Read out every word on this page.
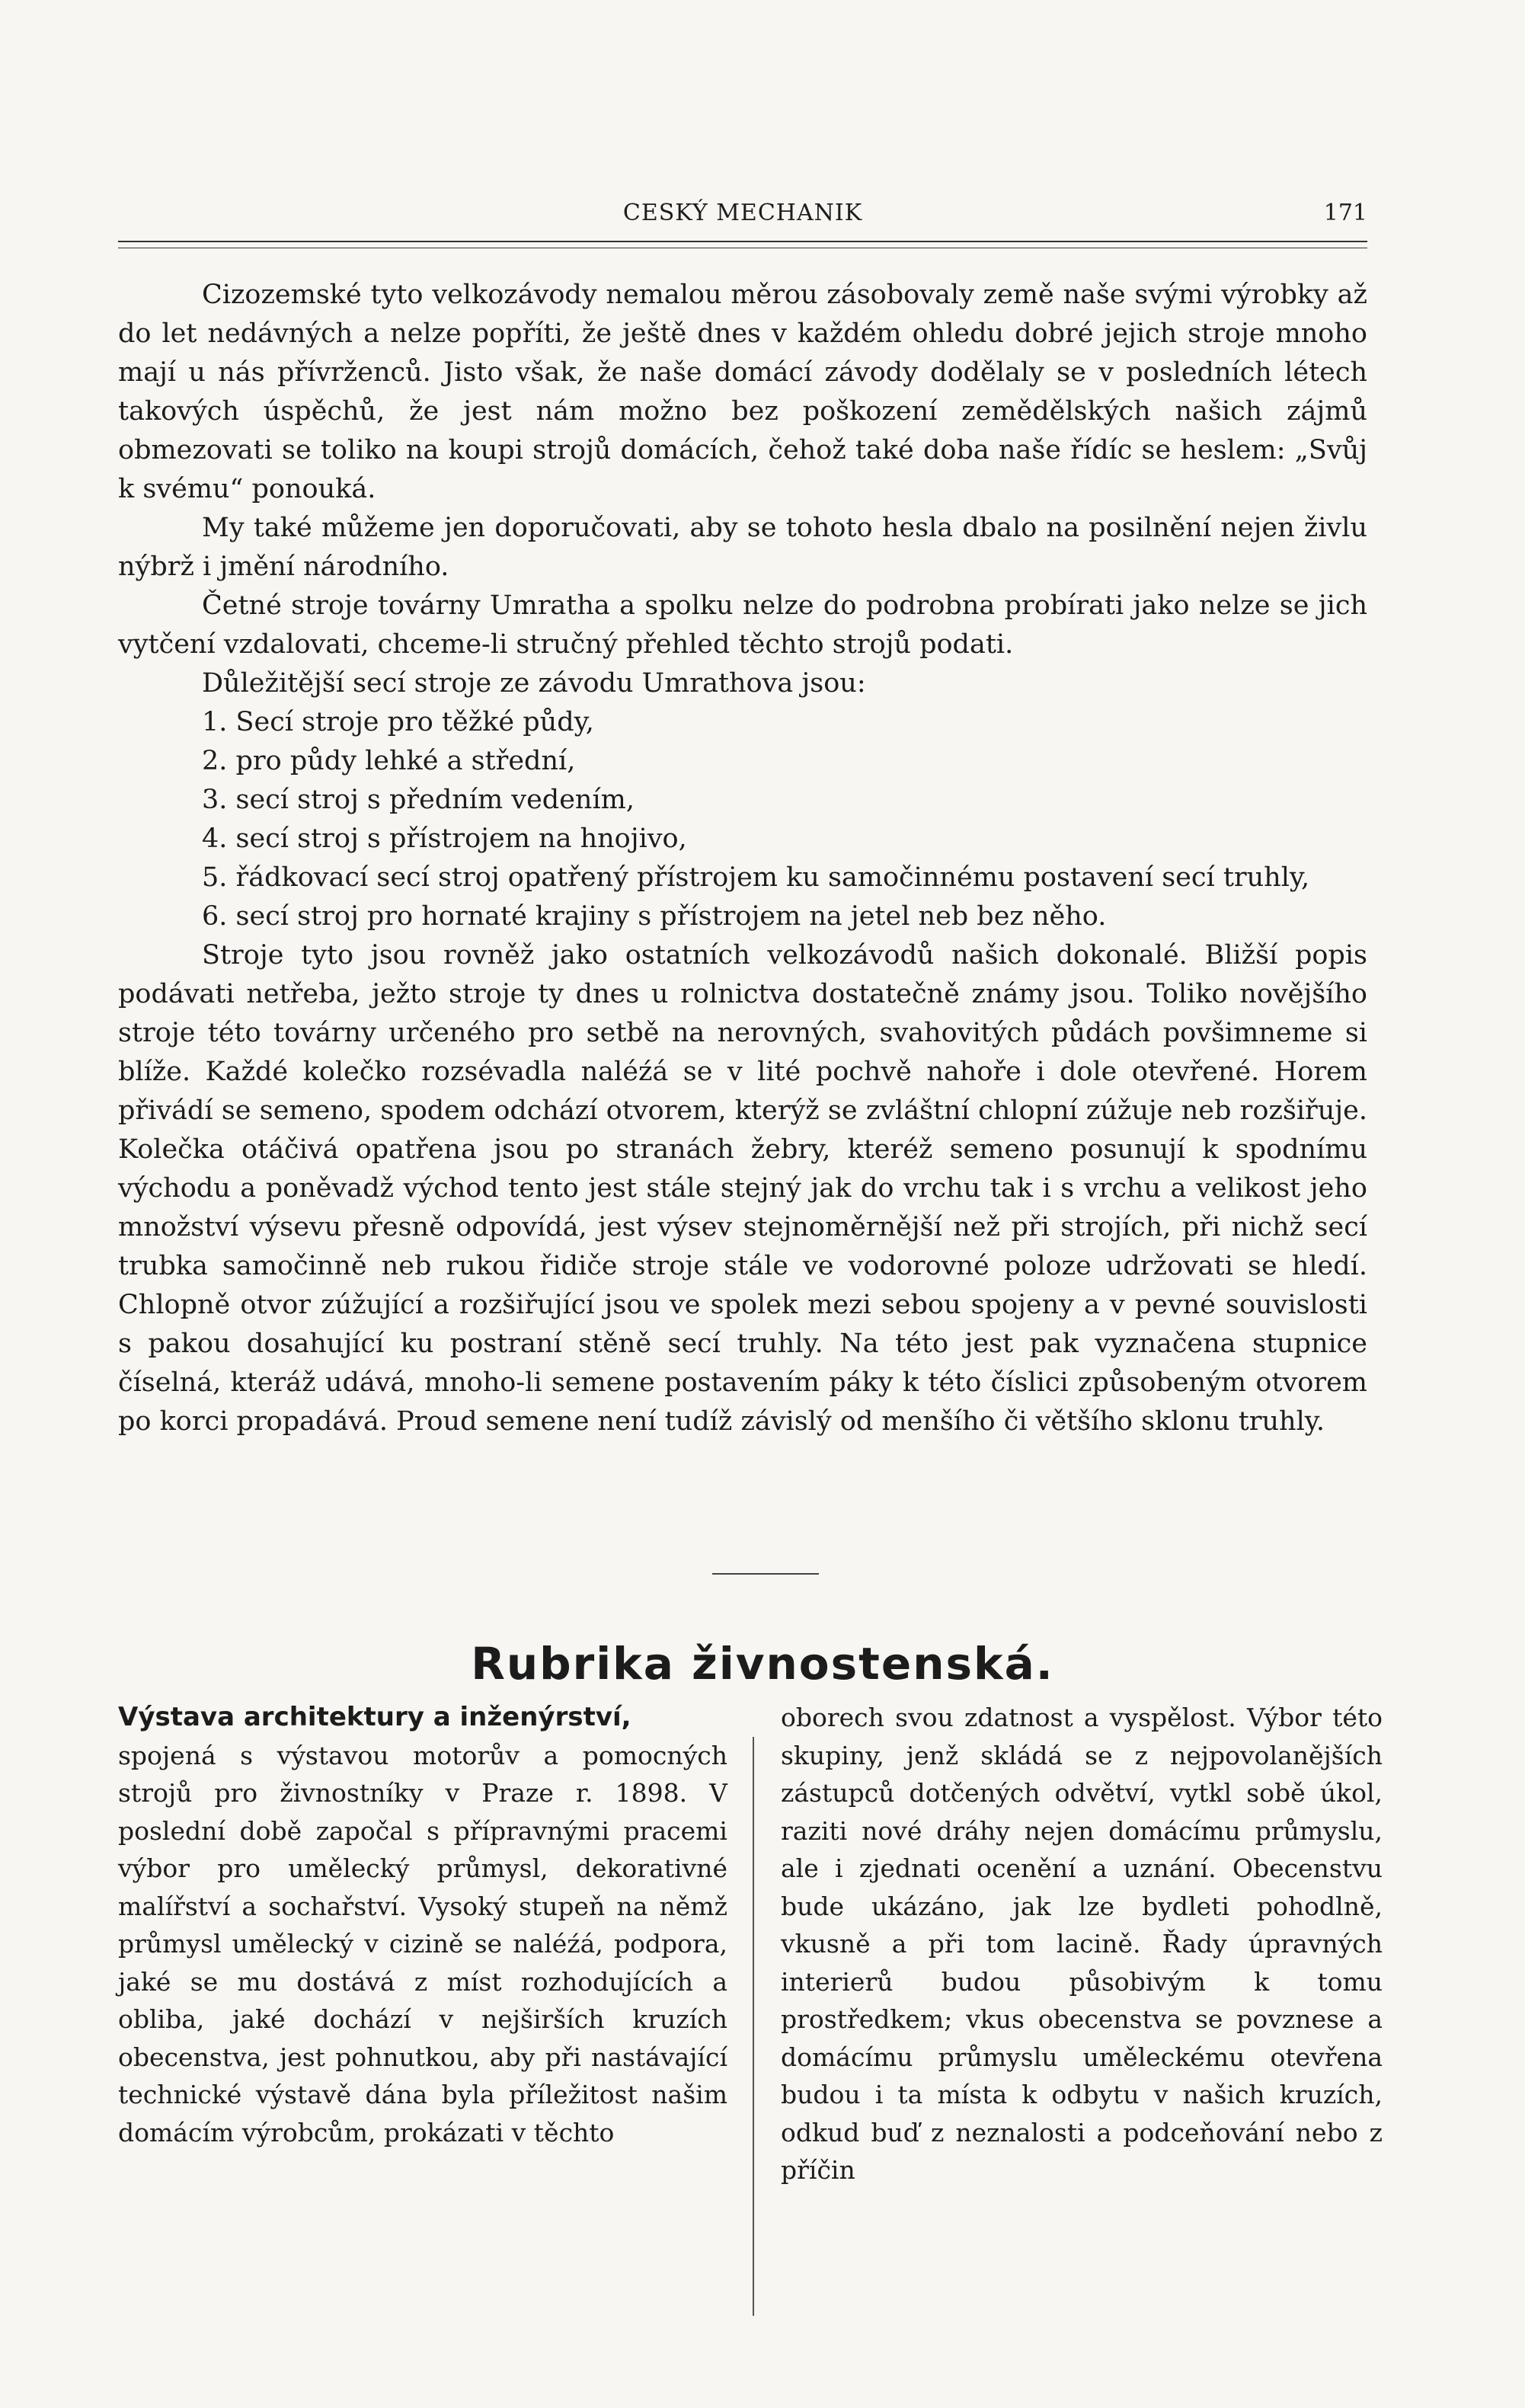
CESKÝ MECHANIK	171

Cizozemské tyto velkozávody nemalou měrou zásobovaly země naše svými výrobky až do let nedávných a nelze popříti, že ještě dnes v každém ohledu dobré jejich stroje mnoho mají u nás přívrženců. Jisto však, že naše domácí závody dodělaly se v posledních létech takových úspěchů, že jest nám možno bez poškození zemědělských našich zájmů obmezovati se toliko na koupi strojů domácích, čehož také doba naše řídíc se heslem: „Svůj k svému“ ponouká.

My také můžeme jen doporučovati, aby se tohoto hesla dbalo na posilnění nejen živlu nýbrž i jmění národního.

Četné stroje továrny Umratha a spolku nelze do podrobna probírati jako nelze se jich vytčení vzdalovati, chceme-li stručný přehled těchto strojů podati.

Důležitější secí stroje ze závodu Umrathova jsou:

1. Secí stroje pro těžké půdy,

2. pro půdy lehké a střední,

3. secí stroj s předním vedením,

4. secí stroj s přístrojem na hnojivo,

5. řádkovací secí stroj opatřený přístrojem ku samočinnému postavení secí truhly,

6. secí stroj pro hornaté krajiny s přístrojem na jetel neb bez něho.

Stroje tyto jsou rovněž jako ostatních velkozávodů našich dokonalé. Bližší popis podávati netřeba, ježto stroje ty dnes u rolnictva dostatečně známy jsou. Toliko novějšího stroje této továrny určeného pro setbě na nerovných, svahovitých půdách povšimneme si blíže. Každé kolečko rozsévadla naléźá se v lité pochvě nahoře i dole otevřené. Horem přivádí se semeno, spodem odchází otvorem, kterýž se zvláštní chlopní zúžuje neb rozšiřuje. Kolečka otáčivá opatřena jsou po stranách žebry, kteréž semeno posunují k spodnímu východu a poněvadž východ tento jest stále stejný jak do vrchu tak i s vrchu a velikost jeho množství výsevu přesně odpovídá, jest výsev stejnoměrnější než při strojích, při nichž secí trubka samočinně neb rukou řidiče stroje stále ve vodorovné poloze udržovati se hledí. Chlopně otvor zúžující a rozšiřující jsou ve spolek mezi sebou spojeny a v pevné souvislosti s pakou dosahující ku postraní stěně secí truhly. Na této jest pak vyznačena stupnice číselná, kteráž udává, mnoho-li semene postavením páky k této číslici způsobeným otvorem po korci propadává. Proud semene není tudíž závislý od menšího či většího sklonu truhly.

Rubrika živnostenská.

Výstava architektury a inženýrství,

spojená s výstavou motorův a pomocných strojů pro živnostníky v Praze r. 1898. V poslední době započal s přípravnými pracemi výbor pro umělecký průmysl, dekorativné malířství a sochařství. Vysoký stupeň na němž průmysl umělecký v cizině se naléźá, podpora, jaké se mu dostává z míst rozhodujících a obliba, jaké dochází v nejširších kruzích obecenstva, jest pohnutkou, aby při nastávající technické výstavě dána byla příležitost našim domácím výrobcům, prokázati v těchto

oborech svou zdatnost a vyspělost. Výbor této skupiny, jenž skládá se z nejpovolanějších zástupců dotčených odvětví, vytkl sobě úkol, raziti nové dráhy nejen domácímu průmyslu, ale i zjednati ocenění a uznání. Obecenstvu bude ukázáno, jak lze bydleti pohodlně, vkusně a při tom lacině. Řady úpravných interierů budou působivým k tomu prostředkem; vkus obecenstva se povznese a domácímu průmyslu uměleckému otevřena budou i ta místa k odbytu v našich kruzích, odkud buď z neznalosti a podceňování nebo z příčin
